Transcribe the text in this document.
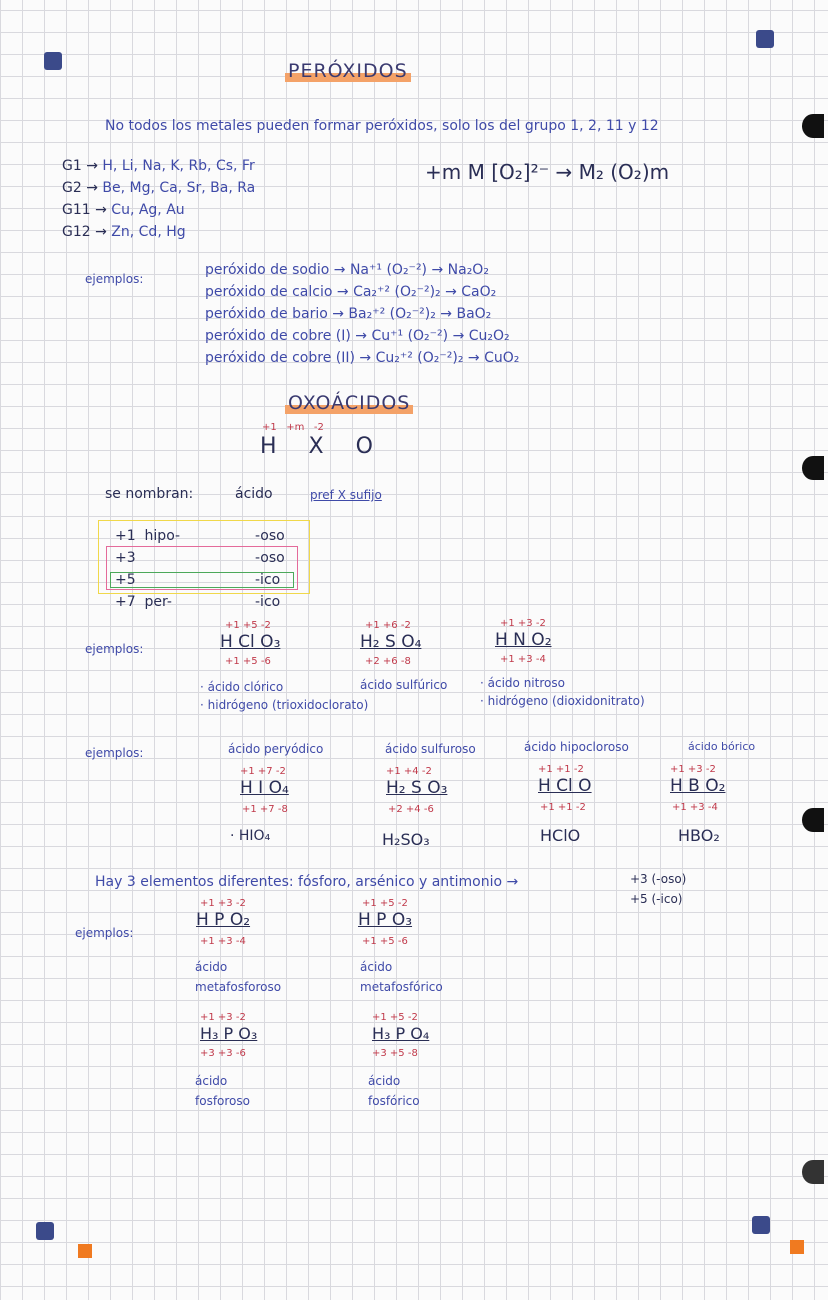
PERÓXIDOS
No todos los metales pueden formar peróxidos, solo los del grupo 1, 2, 11 y 12
G1 → H, Li, Na, K, Rb, Cs, Fr
G2 → Be, Mg, Ca, Sr, Ba, Ra
G11 → Cu, Ag, Au
G12 → Zn, Cd, Hg
+m M [O₂]²⁻ → M₂ (O₂)m
ejemplos:
peróxido de sodio → Na⁺¹ (O₂⁻²) → Na₂O₂
peróxido de calcio → Ca₂⁺² (O₂⁻²)₂ → CaO₂
peróxido de bario → Ba₂⁺² (O₂⁻²)₂ → BaO₂
peróxido de cobre (I) → Cu⁺¹ (O₂⁻²) → Cu₂O₂
peróxido de cobre (II) → Cu₂⁺² (O₂⁻²)₂ → CuO₂
OXOÁCIDOS
+1   +m   -2
H  X  O
se nombran:	ácido	pref X sufijo
+1 hipo-	-oso
+3	-oso
+5	-ico
+7 per-	-ico
ejemplos:
+1 +5 -2
H Cl O₃
+1 +5 -6
· ácido clórico
· hidrógeno (trioxidoclorato)
+1 +6 -2
H₂ S O₄
+2 +6 -8
ácido sulfúrico
+1 +3 -2
H N O₂
+1 +3 -4
· ácido nitroso
· hidrógeno (dioxidonitrato)
ejemplos:	ácido peryódico
+1 +7 -2
H I O₄
+1 +7 -8
· HIO₄
ácido sulfuroso
+1 +4 -2
H₂ S O₃
+2 +4 -6
H₂SO₃
ácido hipocloroso
+1 +1 -2
H Cl O
+1 +1 -2
HClO
ácido bórico
+1 +3 -2
H B O₂
+1 +3 -4
HBO₂
Hay 3 elementos diferentes: fósforo, arsénico y antimonio →	+3 (-oso)
+5 (-ico)
ejemplos:
+1 +3 -2
H P O₂
+1 +3 -4
ácido
metafosforoso
+1 +3 -2
H₃ P O₃
+3 +3 -6
ácido
fosforoso
+1 +5 -2
H P O₃
+1 +5 -6
ácido
metafosfórico
+1 +5 -2
H₃ P O₄
+3 +5 -8
ácido
fosfórico
